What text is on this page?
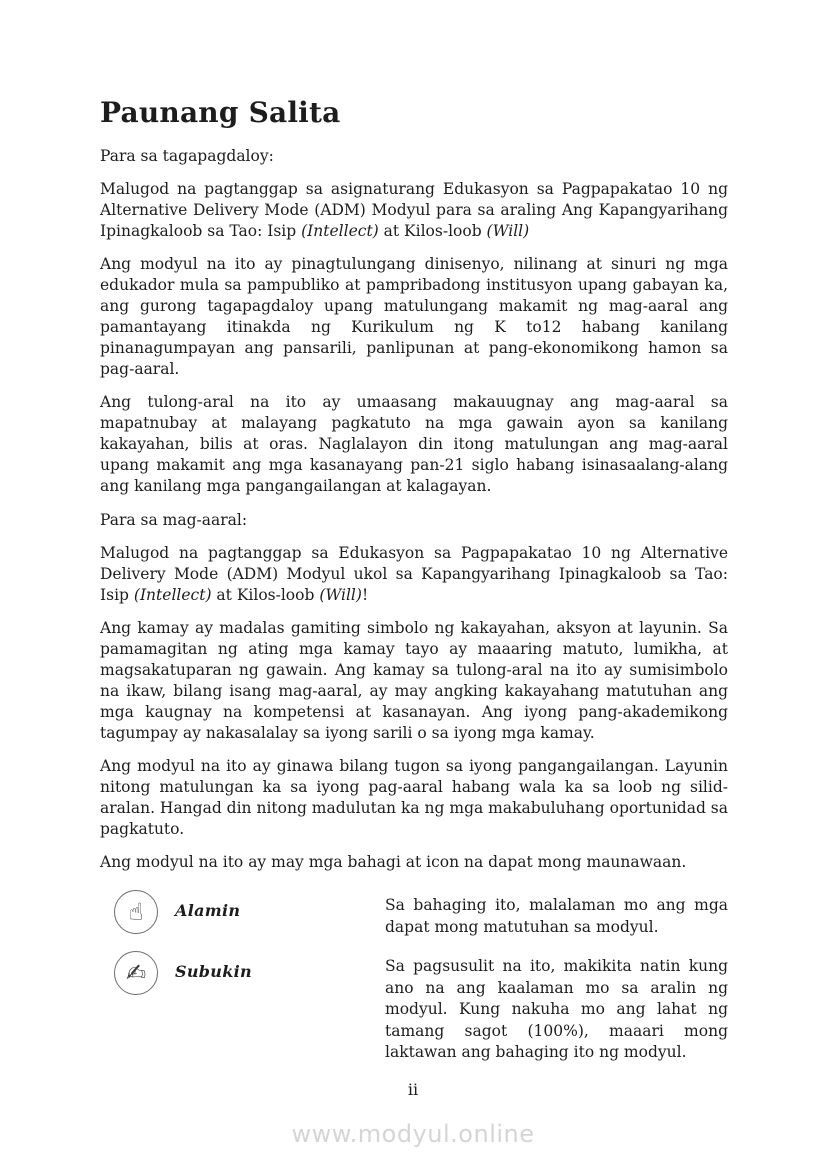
Paunang Salita

Para sa tagapagdaloy:

Malugod na pagtanggap sa asignaturang Edukasyon sa Pagpapakatao 10 ng Alternative Delivery Mode (ADM) Modyul para sa araling Ang Kapangyarihang Ipinagkaloob sa Tao: Isip (Intellect) at Kilos-loob (Will)

Ang modyul na ito ay pinagtulungang dinisenyo, nilinang at sinuri ng mga edukador mula sa pampubliko at pampribadong institusyon upang gabayan ka, ang gurong tagapagdaloy upang matulungang makamit ng mag-aaral ang pamantayang itinakda ng Kurikulum ng K to12 habang kanilang pinanagumpayan ang pansarili, panlipunan at pang-ekonomikong hamon sa pag-aaral.

Ang tulong-aral na ito ay umaasang makauugnay ang mag-aaral sa mapatnubay at malayang pagkatuto na mga gawain ayon sa kanilang kakayahan, bilis at oras. Naglalayon din itong matulungan ang mag-aaral upang makamit ang mga kasanayang pan-21 siglo habang isinasaalang-alang ang kanilang mga pangangailangan at kalagayan.

Para sa mag-aaral:

Malugod na pagtanggap sa Edukasyon sa Pagpapakatao 10 ng Alternative Delivery Mode (ADM) Modyul ukol sa Kapangyarihang Ipinagkaloob sa Tao: Isip (Intellect) at Kilos-loob (Will)!

Ang kamay ay madalas gamiting simbolo ng kakayahan, aksyon at layunin. Sa pamamagitan ng ating mga kamay tayo ay maaaring matuto, lumikha, at magsakatuparan ng gawain. Ang kamay sa tulong-aral na ito ay sumisimbolo na ikaw, bilang isang mag-aaral, ay may angking kakayahang matutuhan ang mga kaugnay na kompetensi at kasanayan. Ang iyong pang-akademikong tagumpay ay nakasalalay sa iyong sarili o sa iyong mga kamay.

Ang modyul na ito ay ginawa bilang tugon sa iyong pangangailangan. Layunin nitong matulungan ka sa iyong pag-aaral habang wala ka sa loob ng silid-aralan. Hangad din nitong madulutan ka ng mga makabuluhang oportunidad sa pagkatuto.

Ang modyul na ito ay may mga bahagi at icon na dapat mong maunawaan.

☝ Alamin	Sa bahaging ito, malalaman mo ang mga dapat mong matutuhan sa modyul.
✍ Subukin	Sa pagsusulit na ito, makikita natin kung ano na ang kaalaman mo sa aralin ng modyul. Kung nakuha mo ang lahat ng tamang sagot (100%), maaari mong laktawan ang bahaging ito ng modyul.
ii
www.modyul.online
